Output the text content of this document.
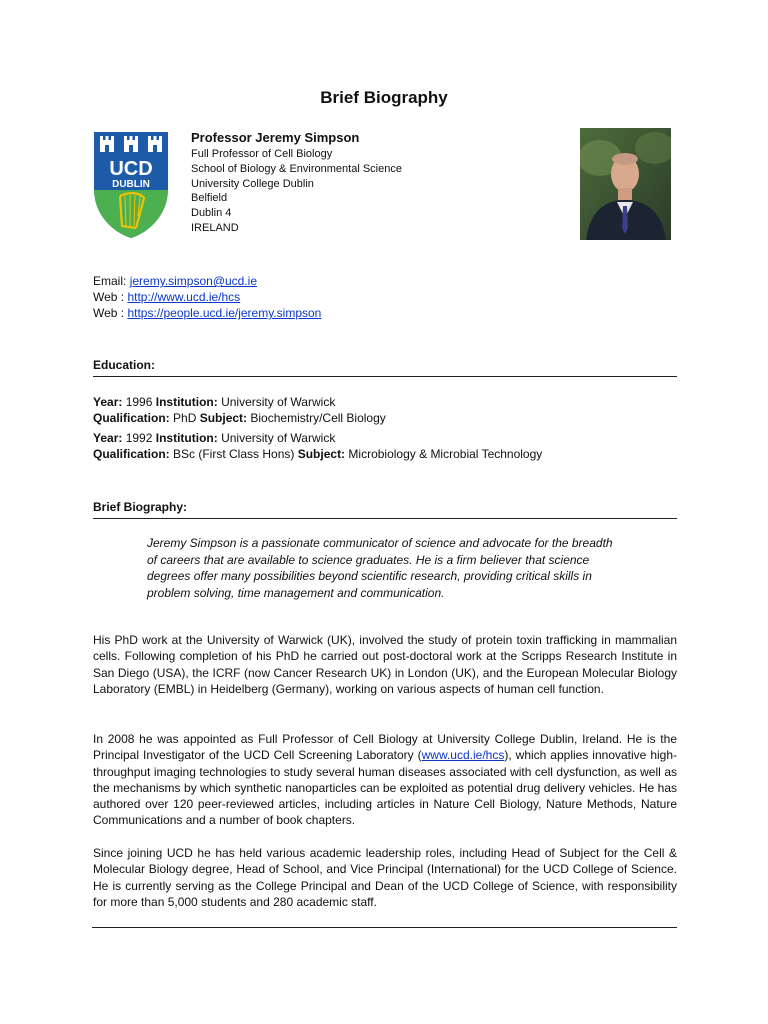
Brief Biography
UCD
DUBLIN
Professor Jeremy Simpson
Full Professor of Cell Biology
School of Biology & Environmental Science
University College Dublin
Belfield
Dublin 4
IRELAND
Email: jeremy.simpson@ucd.ie
Web : http://www.ucd.ie/hcs
Web : https://people.ucd.ie/jeremy.simpson
Education:
Year: 1996 Institution: University of Warwick
Qualification: PhD Subject: Biochemistry/Cell Biology
Year: 1992 Institution: University of Warwick
Qualification: BSc (First Class Hons) Subject: Microbiology & Microbial Technology
Brief Biography:
Jeremy Simpson is a passionate communicator of science and advocate for the breadth of careers that are available to science graduates. He is a firm believer that science degrees offer many possibilities beyond scientific research, providing critical skills in problem solving, time management and communication.
His PhD work at the University of Warwick (UK), involved the study of protein toxin trafficking in mammalian cells. Following completion of his PhD he carried out post-doctoral work at the Scripps Research Institute in San Diego (USA), the ICRF (now Cancer Research UK) in London (UK), and the European Molecular Biology Laboratory (EMBL) in Heidelberg (Germany), working on various aspects of human cell function.
In 2008 he was appointed as Full Professor of Cell Biology at University College Dublin, Ireland. He is the Principal Investigator of the UCD Cell Screening Laboratory (www.ucd.ie/hcs), which applies innovative high-throughput imaging technologies to study several human diseases associated with cell dysfunction, as well as the mechanisms by which synthetic nanoparticles can be exploited as potential drug delivery vehicles. He has authored over 120 peer-reviewed articles, including articles in Nature Cell Biology, Nature Methods, Nature Communications and a number of book chapters.
Since joining UCD he has held various academic leadership roles, including Head of Subject for the Cell & Molecular Biology degree, Head of School, and Vice Principal (International) for the UCD College of Science. He is currently serving as the College Principal and Dean of the UCD College of Science, with responsibility for more than 5,000 students and 280 academic staff.
